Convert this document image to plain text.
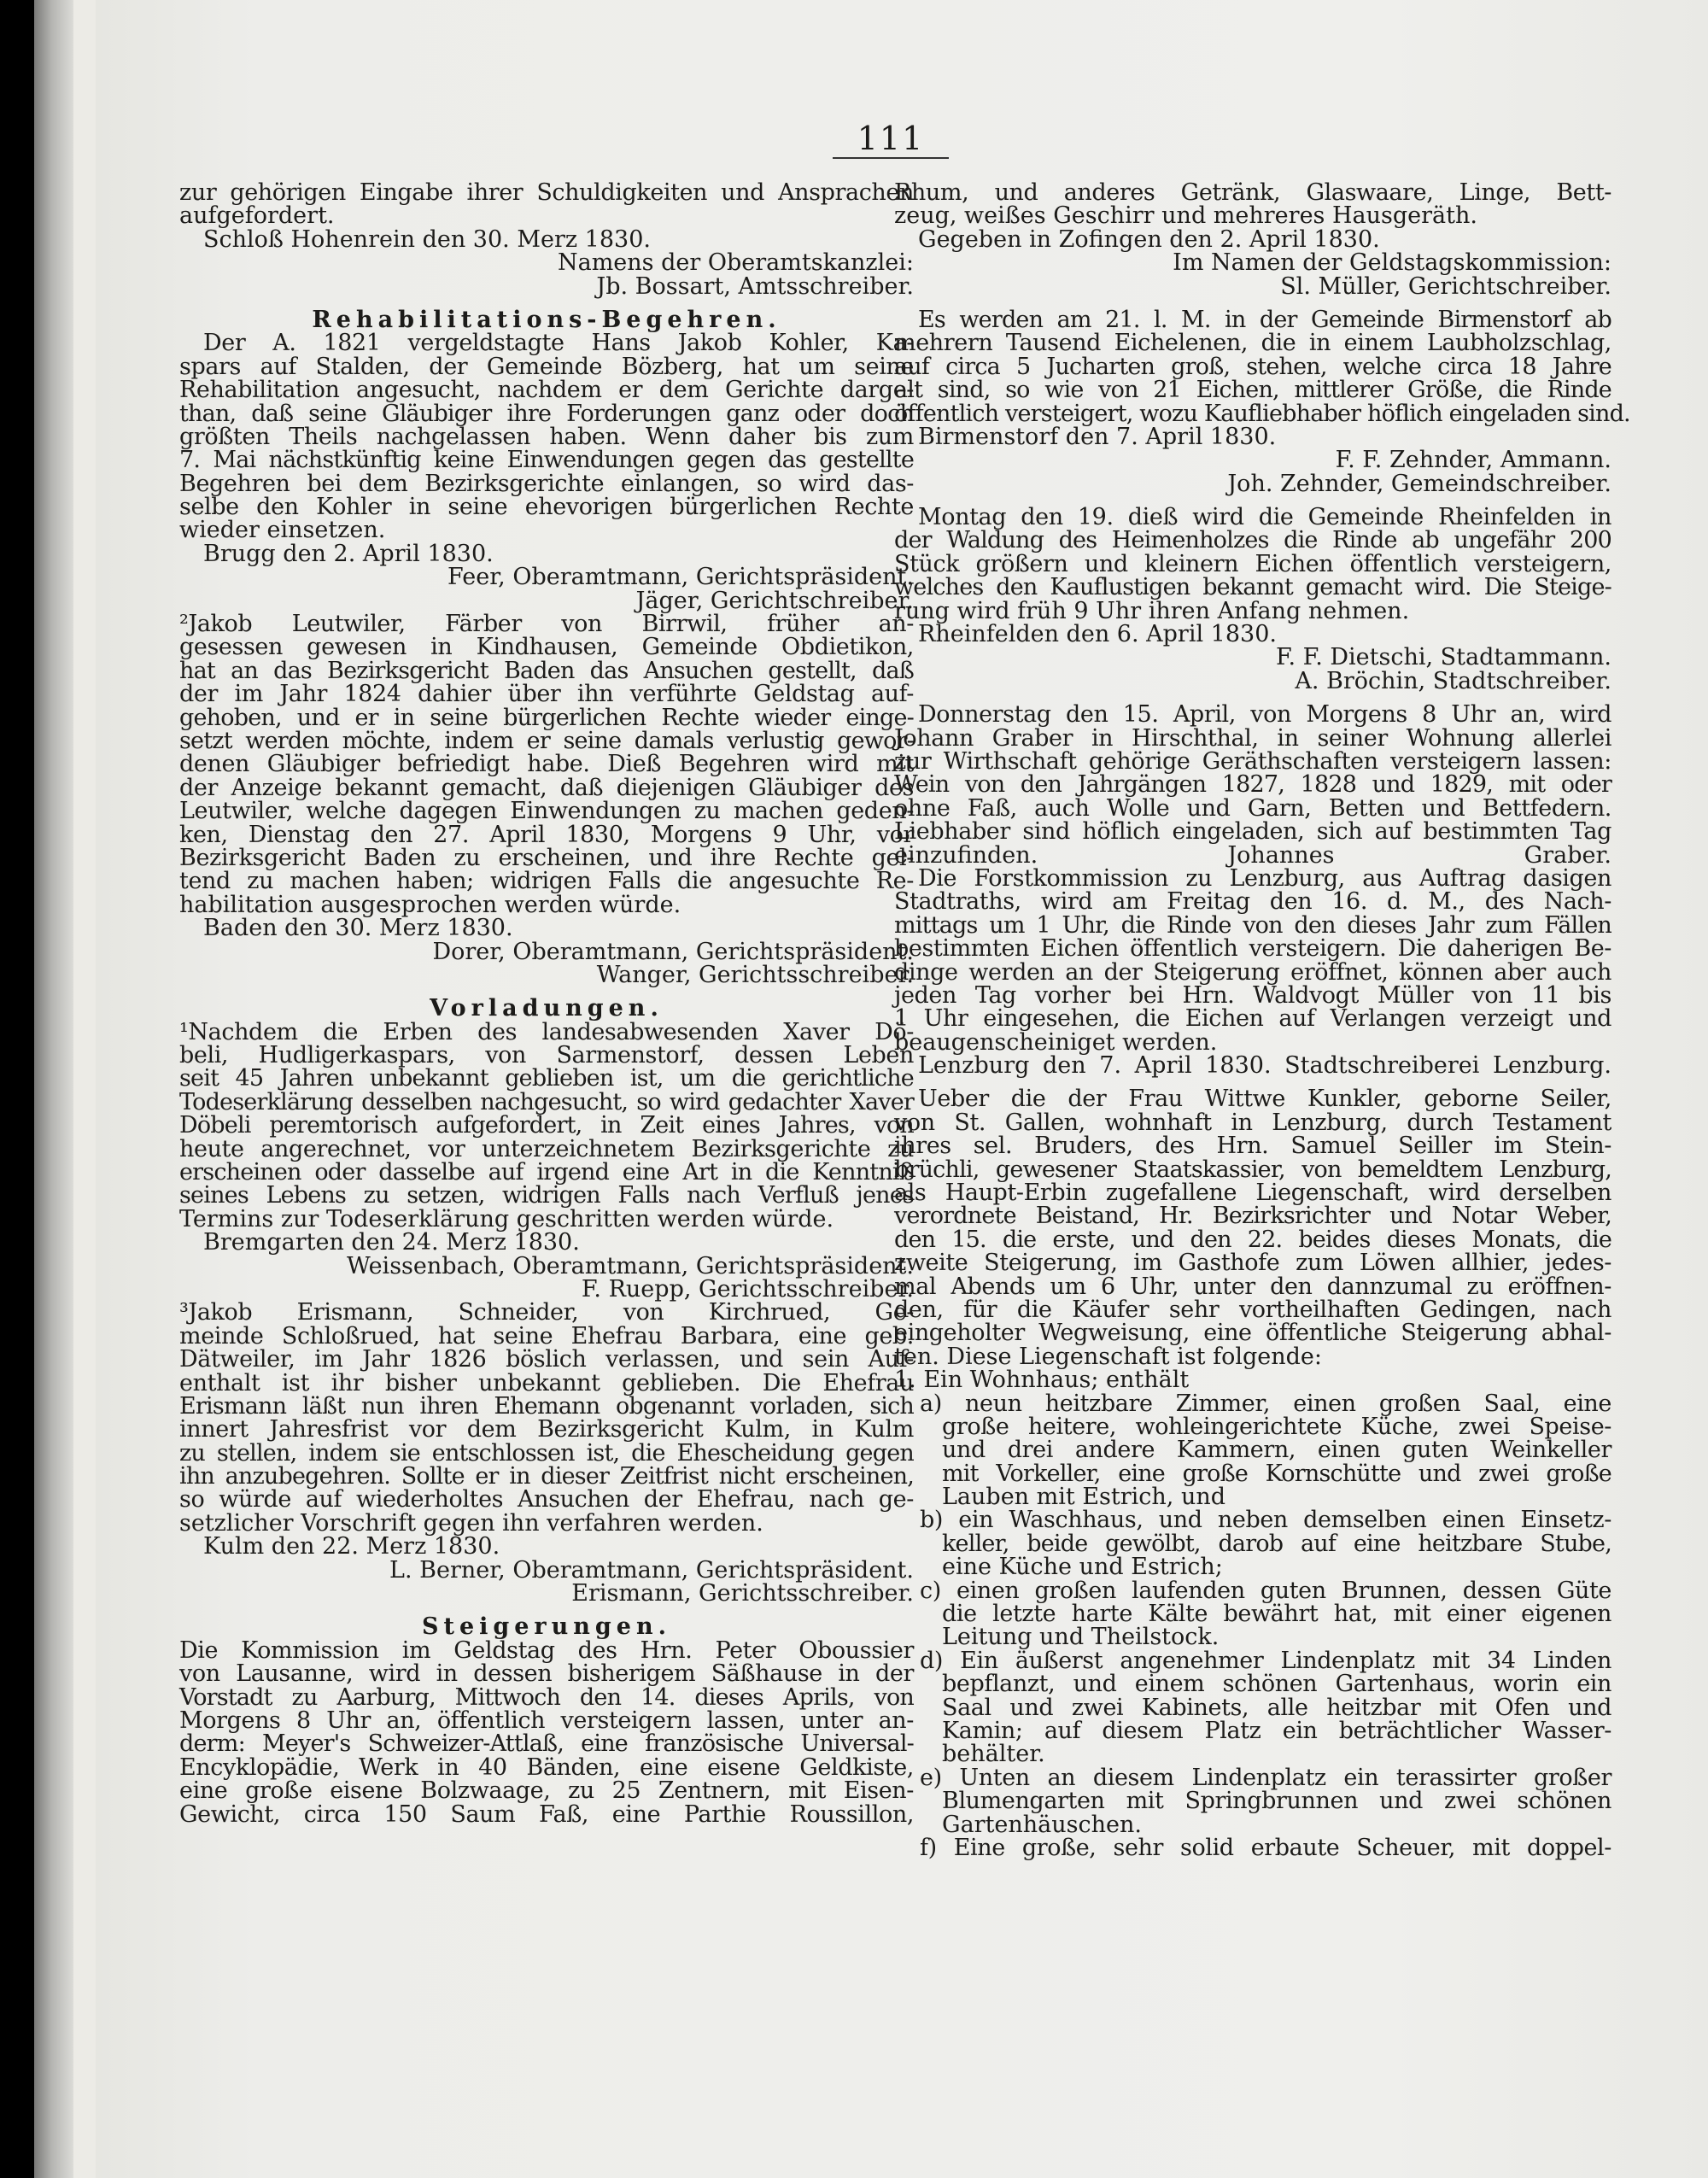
111
zur gehörigen Eingabe ihrer Schuldigkeiten und Ansprachen
aufgefordert.
Schloß Hohenrein den 30. Merz 1830.
Namens der Oberamtskanzlei:
Jb. Bossart, Amtsschreiber.
Rehabilitations-Begehren.
Der A. 1821 vergeldstagte Hans Jakob Kohler, Ka-
spars auf Stalden, der Gemeinde Bözberg, hat um seine
Rehabilitation angesucht, nachdem er dem Gerichte darge-
than, daß seine Gläubiger ihre Forderungen ganz oder doch
größten Theils nachgelassen haben. Wenn daher bis zum
7. Mai nächstkünftig keine Einwendungen gegen das gestellte
Begehren bei dem Bezirksgerichte einlangen, so wird das-
selbe den Kohler in seine ehevorigen bürgerlichen Rechte
wieder einsetzen.
Brugg den 2. April 1830.
Feer, Oberamtmann, Gerichtspräsident.
Jäger, Gerichtschreiber.
²Jakob Leutwiler, Färber von Birrwil, früher an-
gesessen gewesen in Kindhausen, Gemeinde Obdietikon,
hat an das Bezirksgericht Baden das Ansuchen gestellt, daß
der im Jahr 1824 dahier über ihn verführte Geldstag auf-
gehoben, und er in seine bürgerlichen Rechte wieder einge-
setzt werden möchte, indem er seine damals verlustig gewor-
denen Gläubiger befriedigt habe. Dieß Begehren wird mit
der Anzeige bekannt gemacht, daß diejenigen Gläubiger des
Leutwiler, welche dagegen Einwendungen zu machen geden-
ken, Dienstag den 27. April 1830, Morgens 9 Uhr, vor
Bezirksgericht Baden zu erscheinen, und ihre Rechte gel-
tend zu machen haben; widrigen Falls die angesuchte Re-
habilitation ausgesprochen werden würde.
Baden den 30. Merz 1830.
Dorer, Oberamtmann, Gerichtspräsident.
Wanger, Gerichtsschreiber.
Vorladungen.
¹Nachdem die Erben des landesabwesenden Xaver Dö-
beli, Hudligerkaspars, von Sarmenstorf, dessen Leben
seit 45 Jahren unbekannt geblieben ist, um die gerichtliche
Todeserklärung desselben nachgesucht, so wird gedachter Xaver
Döbeli peremtorisch aufgefordert, in Zeit eines Jahres, von
heute angerechnet, vor unterzeichnetem Bezirksgerichte zu
erscheinen oder dasselbe auf irgend eine Art in die Kenntniß
seines Lebens zu setzen, widrigen Falls nach Verfluß jenes
Termins zur Todeserklärung geschritten werden würde.
Bremgarten den 24. Merz 1830.
Weissenbach, Oberamtmann, Gerichtspräsident.
F. Ruepp, Gerichtsschreiber.
³Jakob Erismann, Schneider, von Kirchrued, Ge-
meinde Schloßrued, hat seine Ehefrau Barbara, eine geb.
Dätweiler, im Jahr 1826 böslich verlassen, und sein Auf-
enthalt ist ihr bisher unbekannt geblieben. Die Ehefrau
Erismann läßt nun ihren Ehemann obgenannt vorladen, sich
innert Jahresfrist vor dem Bezirksgericht Kulm, in Kulm
zu stellen, indem sie entschlossen ist, die Ehescheidung gegen
ihn anzubegehren. Sollte er in dieser Zeitfrist nicht erscheinen,
so würde auf wiederholtes Ansuchen der Ehefrau, nach ge-
setzlicher Vorschrift gegen ihn verfahren werden.
Kulm den 22. Merz 1830.
L. Berner, Oberamtmann, Gerichtspräsident.
Erismann, Gerichtsschreiber.
Steigerungen.
Die Kommission im Geldstag des Hrn. Peter Oboussier
von Lausanne, wird in dessen bisherigem Säßhause in der
Vorstadt zu Aarburg, Mittwoch den 14. dieses Aprils, von
Morgens 8 Uhr an, öffentlich versteigern lassen, unter an-
derm: Meyer's Schweizer-Attlaß, eine französische Universal-
Encyklopädie, Werk in 40 Bänden, eine eisene Geldkiste,
eine große eisene Bolzwaage, zu 25 Zentnern, mit Eisen-
Gewicht, circa 150 Saum Faß, eine Parthie Roussillon,
Rhum, und anderes Getränk, Glaswaare, Linge, Bett-
zeug, weißes Geschirr und mehreres Hausgeräth.
Gegeben in Zofingen den 2. April 1830.
Im Namen der Geldstagskommission:
Sl. Müller, Gerichtschreiber.
Es werden am 21. l. M. in der Gemeinde Birmenstorf ab
mehrern Tausend Eichelenen, die in einem Laubholzschlag,
auf circa 5 Jucharten groß, stehen, welche circa 18 Jahre
alt sind, so wie von 21 Eichen, mittlerer Größe, die Rinde
öffentlich versteigert, wozu Kaufliebhaber höflich eingeladen sind.
Birmenstorf den 7. April 1830.
F. F. Zehnder, Ammann.
Joh. Zehnder, Gemeindschreiber.
Montag den 19. dieß wird die Gemeinde Rheinfelden in
der Waldung des Heimenholzes die Rinde ab ungefähr 200
Stück größern und kleinern Eichen öffentlich versteigern,
welches den Kauflustigen bekannt gemacht wird. Die Steige-
rung wird früh 9 Uhr ihren Anfang nehmen.
Rheinfelden den 6. April 1830.
F. F. Dietschi, Stadtammann.
A. Bröchin, Stadtschreiber.
Donnerstag den 15. April, von Morgens 8 Uhr an, wird
Johann Graber in Hirschthal, in seiner Wohnung allerlei
zur Wirthschaft gehörige Geräthschaften versteigern lassen:
Wein von den Jahrgängen 1827, 1828 und 1829, mit oder
ohne Faß, auch Wolle und Garn, Betten und Bettfedern.
Liebhaber sind höflich eingeladen, sich auf bestimmten Tag
einzufinden. Johannes Graber.
Die Forstkommission zu Lenzburg, aus Auftrag dasigen
Stadtraths, wird am Freitag den 16. d. M., des Nach-
mittags um 1 Uhr, die Rinde von den dieses Jahr zum Fällen
bestimmten Eichen öffentlich versteigern. Die daherigen Be-
dinge werden an der Steigerung eröffnet, können aber auch
jeden Tag vorher bei Hrn. Waldvogt Müller von 11 bis
1 Uhr eingesehen, die Eichen auf Verlangen verzeigt und
beaugenscheiniget werden.
Lenzburg den 7. April 1830. Stadtschreiberei Lenzburg.
Ueber die der Frau Wittwe Kunkler, geborne Seiler,
von St. Gallen, wohnhaft in Lenzburg, durch Testament
ihres sel. Bruders, des Hrn. Samuel Seiller im Stein-
brüchli, gewesener Staatskassier, von bemeldtem Lenzburg,
als Haupt-Erbin zugefallene Liegenschaft, wird derselben
verordnete Beistand, Hr. Bezirksrichter und Notar Weber,
den 15. die erste, und den 22. beides dieses Monats, die
zweite Steigerung, im Gasthofe zum Löwen allhier, jedes-
mal Abends um 6 Uhr, unter den dannzumal zu eröffnen-
den, für die Käufer sehr vortheilhaften Gedingen, nach
eingeholter Wegweisung, eine öffentliche Steigerung abhal-
ten. Diese Liegenschaft ist folgende:
1. Ein Wohnhaus; enthält
a) neun heitzbare Zimmer, einen großen Saal, eine
große heitere, wohleingerichtete Küche, zwei Speise-
und drei andere Kammern, einen guten Weinkeller
mit Vorkeller, eine große Kornschütte und zwei große
Lauben mit Estrich, und
b) ein Waschhaus, und neben demselben einen Einsetz-
keller, beide gewölbt, darob auf eine heitzbare Stube,
eine Küche und Estrich;
c) einen großen laufenden guten Brunnen, dessen Güte
die letzte harte Kälte bewährt hat, mit einer eigenen
Leitung und Theilstock.
d) Ein äußerst angenehmer Lindenplatz mit 34 Linden
bepflanzt, und einem schönen Gartenhaus, worin ein
Saal und zwei Kabinets, alle heitzbar mit Ofen und
Kamin; auf diesem Platz ein beträchtlicher Wasser-
behälter.
e) Unten an diesem Lindenplatz ein terassirter großer
Blumengarten mit Springbrunnen und zwei schönen
Gartenhäuschen.
f) Eine große, sehr solid erbaute Scheuer, mit doppel-
